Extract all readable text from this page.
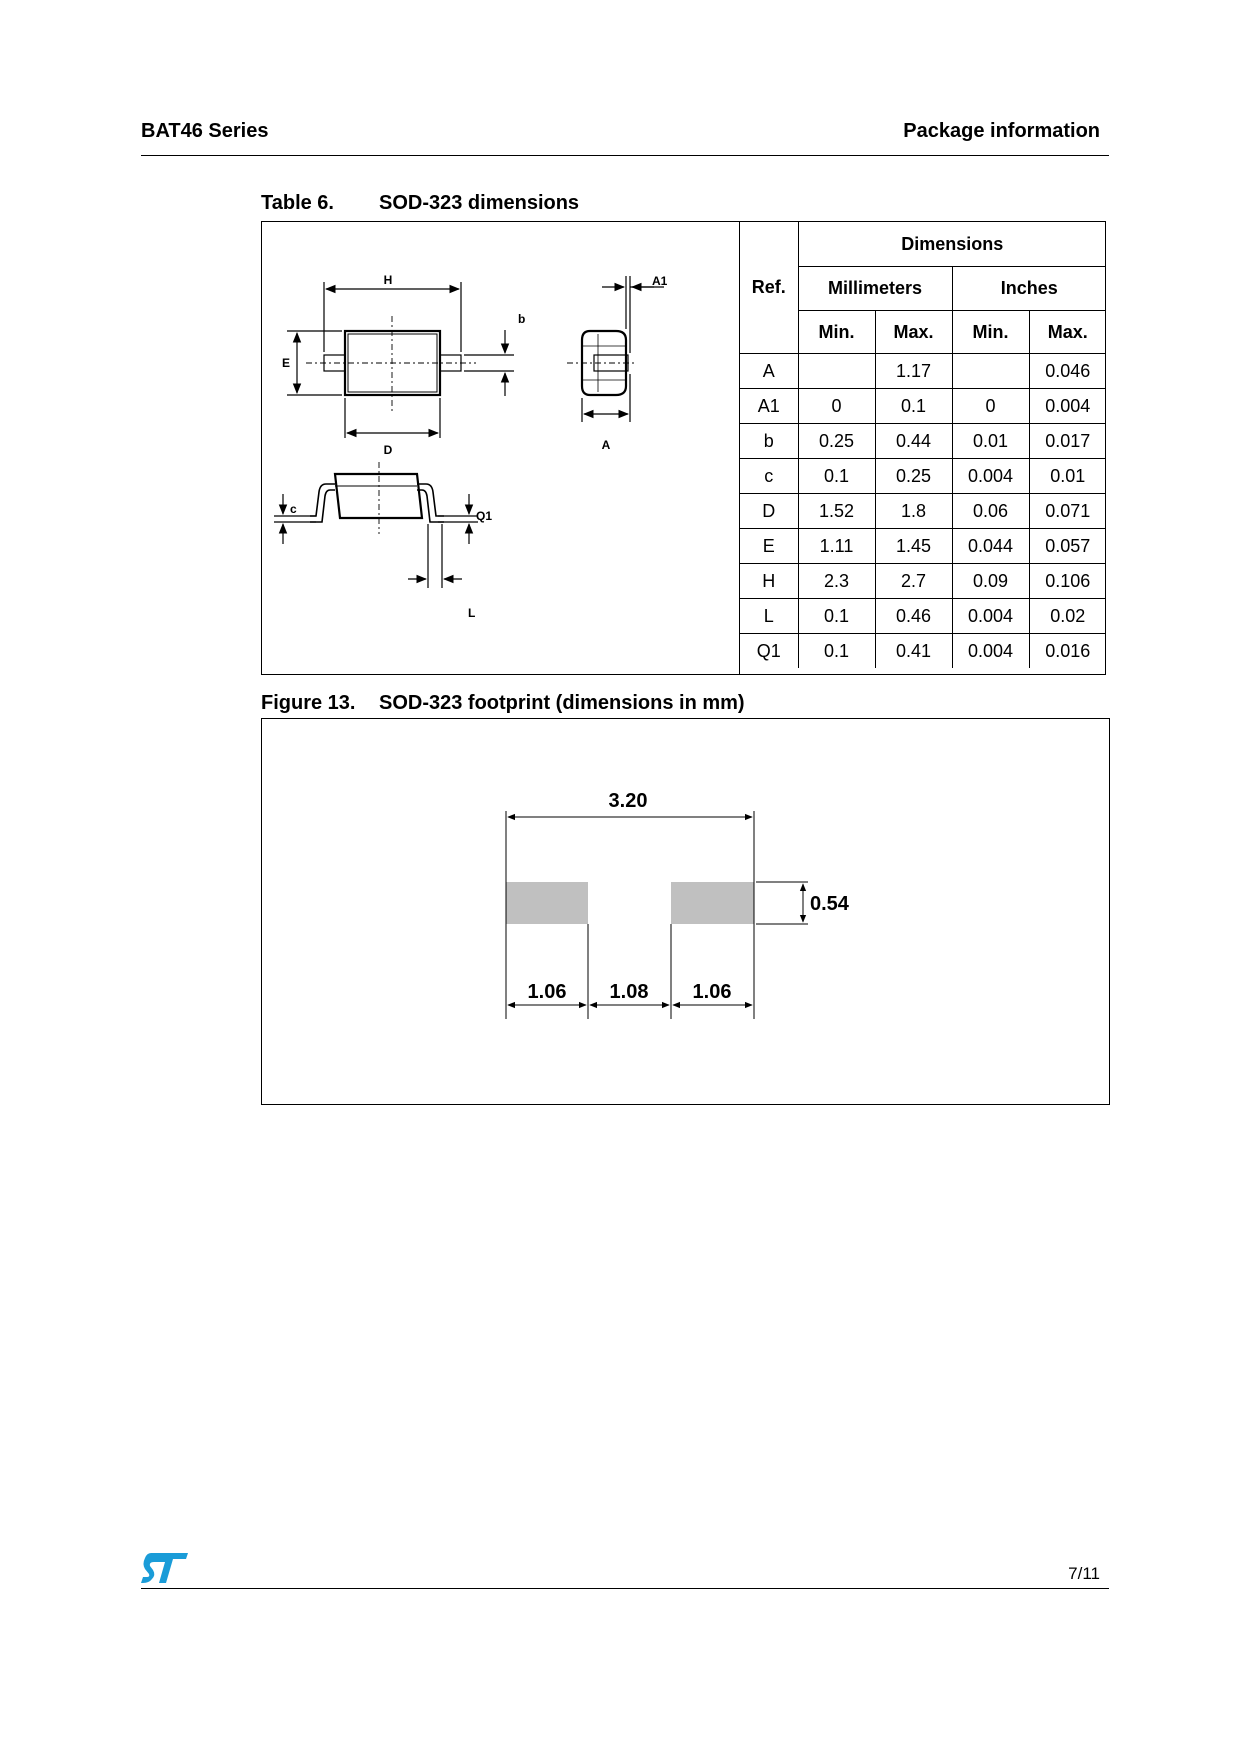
BAT46 Series	Package information
Table 6. SOD-323 dimensions
H
b
E
D
A1
A
c	Q1
L
Ref.	Dimensions			
	Millimeters		Inches	
	Min.	Max.	Min.	Max.
A		1.17		0.046
A1	0	0.1	0	0.004
b	0.25	0.44	0.01	0.017
c	0.1	0.25	0.004	0.01
D	1.52	1.8	0.06	0.071
E	1.11	1.45	0.044	0.057
H	2.3	2.7	0.09	0.106
L	0.1	0.46	0.004	0.02
Q1	0.1	0.41	0.004	0.016
Figure 13. SOD-323 footprint (dimensions in mm)
3.20
0.54
1.06 1.08 1.06
7/11
